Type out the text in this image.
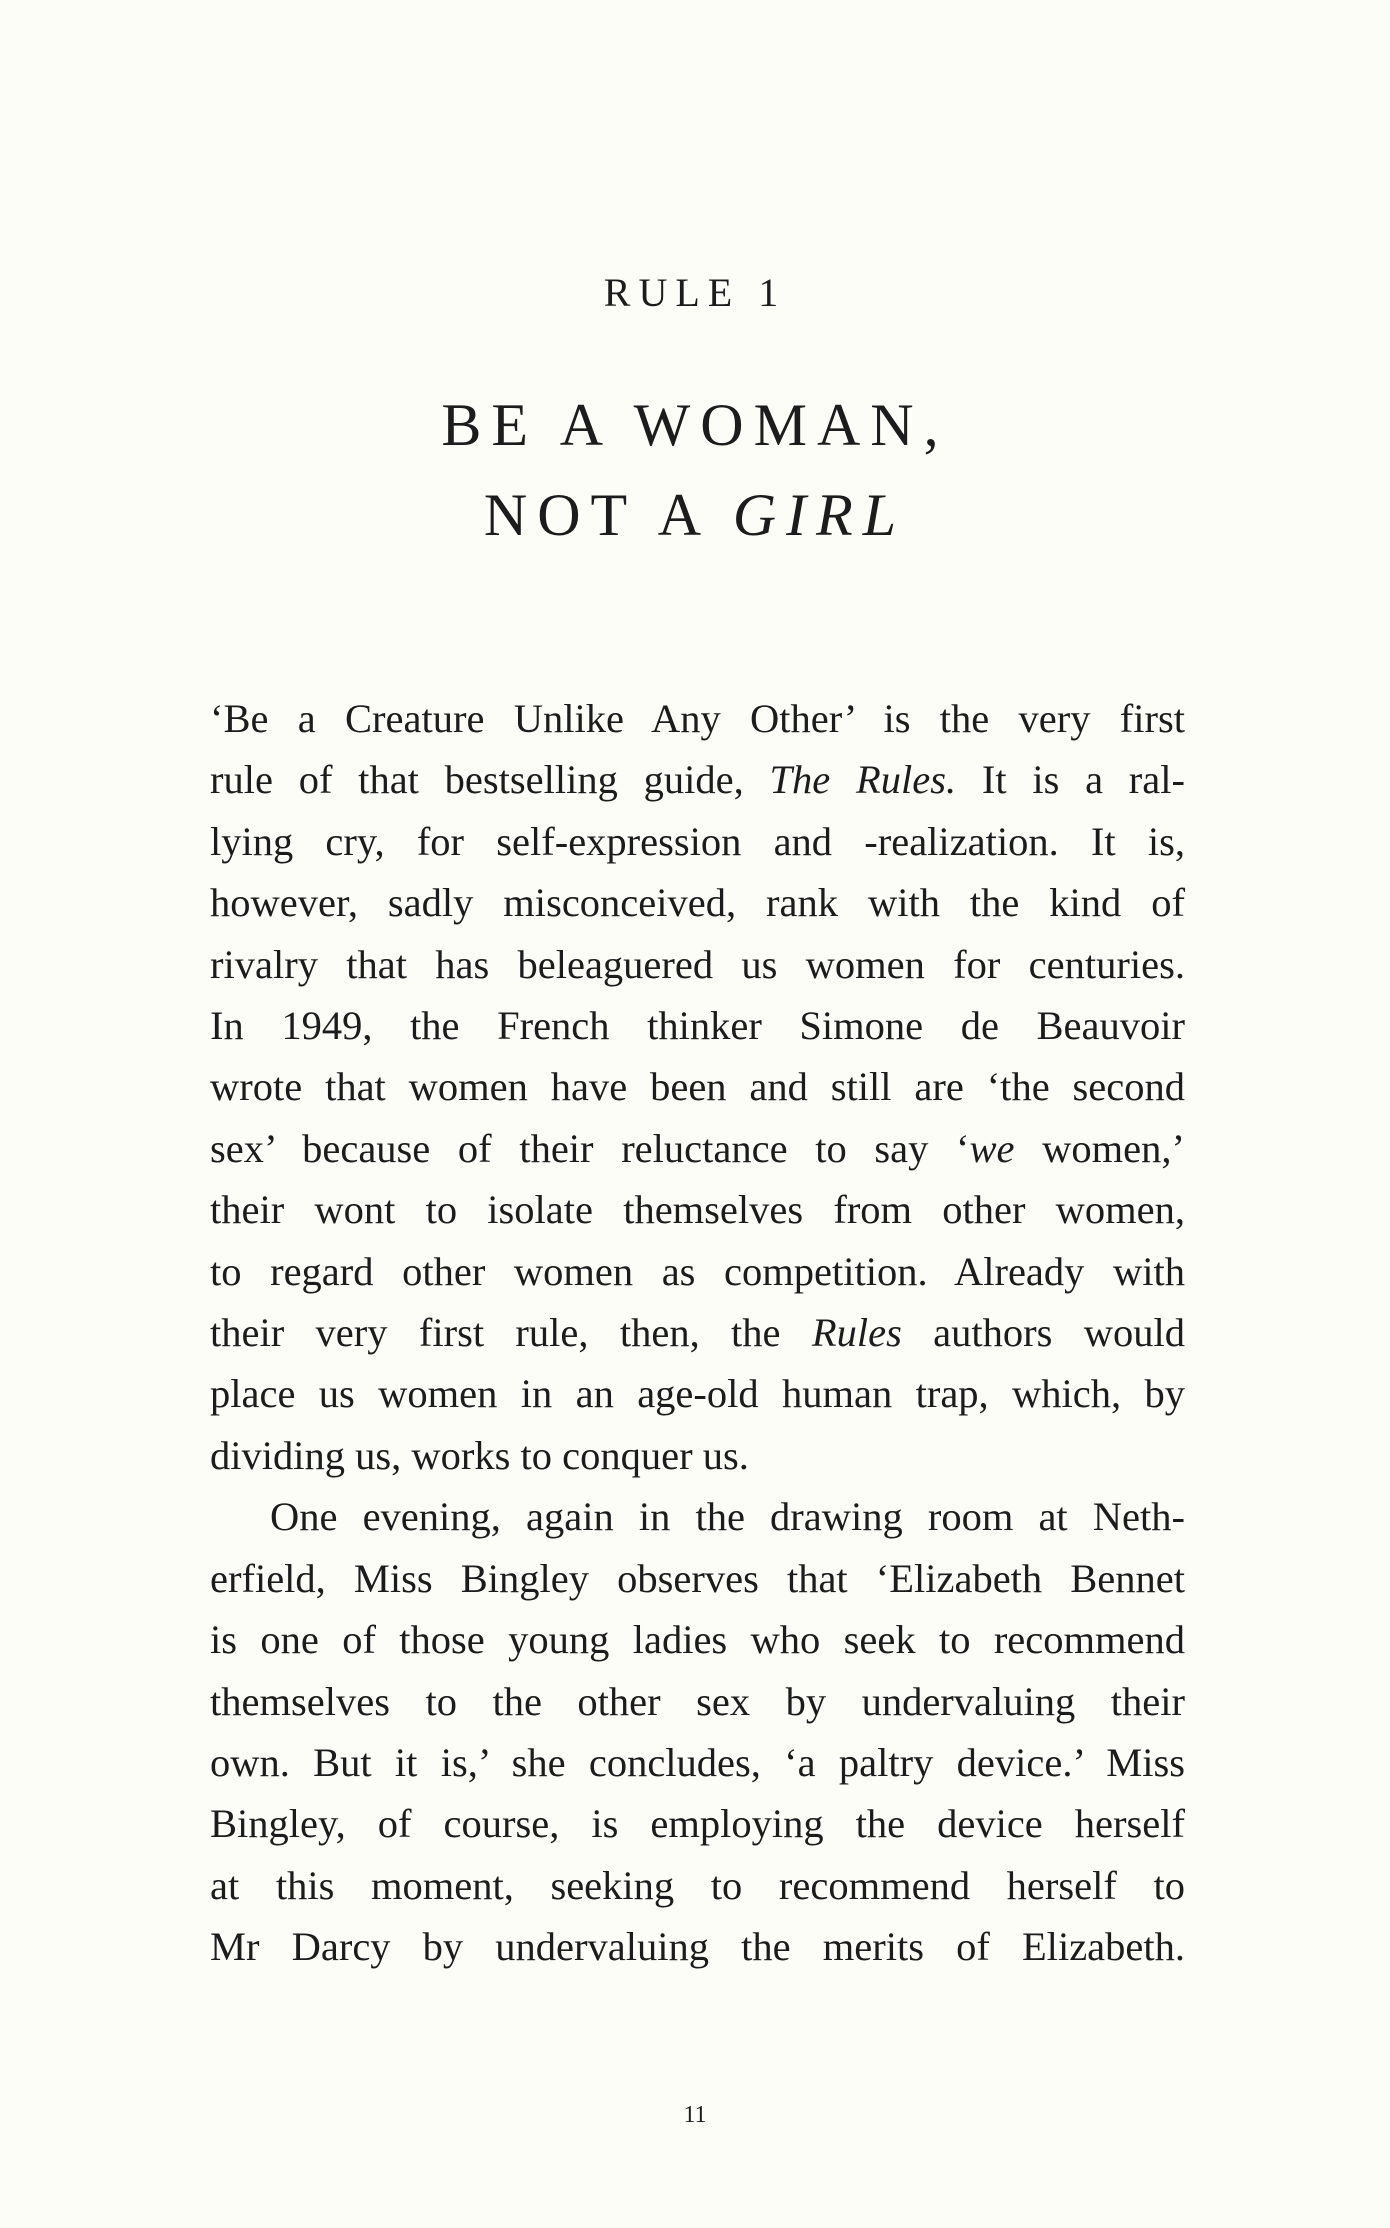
RULE 1
BE A WOMAN,
NOT A GIRL
‘Be a Creature Unlike Any Other’ is the very first
rule of that bestselling guide, The Rules. It is a ral-
lying cry, for self-expression and -realization. It is,
however, sadly misconceived, rank with the kind of
rivalry that has beleaguered us women for centuries.
In 1949, the French thinker Simone de Beauvoir
wrote that women have been and still are ‘the second
sex’ because of their reluctance to say ‘we women,’
their wont to isolate themselves from other women,
to regard other women as competition. Already with
their very first rule, then, the Rules authors would
place us women in an age-old human trap, which, by
dividing us, works to conquer us.
One evening, again in the drawing room at Neth-
erfield, Miss Bingley observes that ‘Elizabeth Bennet
is one of those young ladies who seek to recommend
themselves to the other sex by undervaluing their
own. But it is,’ she concludes, ‘a paltry device.’ Miss
Bingley, of course, is employing the device herself
at this moment, seeking to recommend herself to
Mr Darcy by undervaluing the merits of Elizabeth.
11
